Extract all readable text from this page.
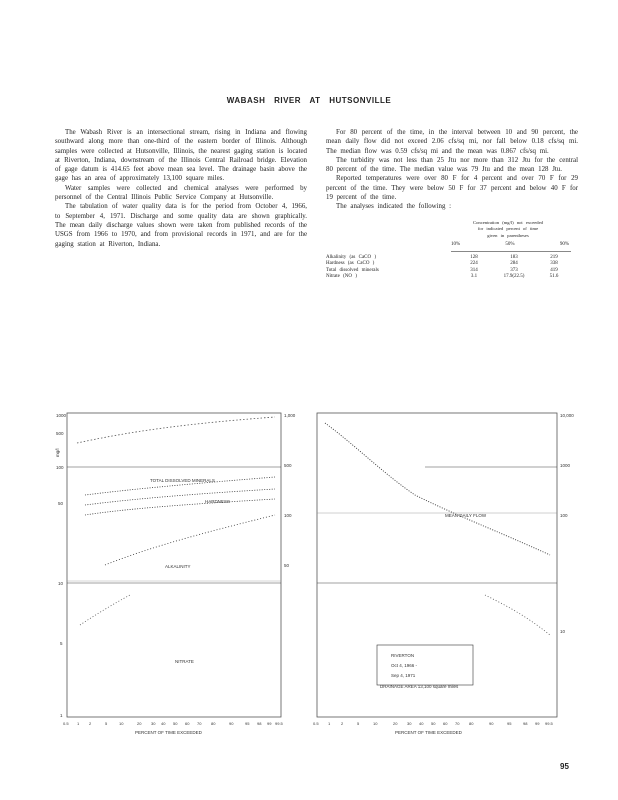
WABASH RIVER AT HUTSONVILLE

The Wabash River is an intersectional stream, rising in Indiana and flowing southward along more than one-third of the eastern border of Illinois. Although samples were collected at Hutsonville, Illinois, the nearest gaging station is located at Riverton, Indiana, downstream of the Illinois Central Railroad bridge. Elevation of gage datum is 414.65 feet above mean sea level. The drainage basin above the gage has an area of approximately 13,100 square miles.

Water samples were collected and chemical analyses were performed by personnel of the Central Illinois Public Service Company at Hutsonville.

The tabulation of water quality data is for the period from October 4, 1966, to September 4, 1971. Discharge and some quality data are shown graphically. The mean daily discharge values shown were taken from published records of the USGS from 1966 to 1970, and from provisional records in 1971, and are for the gaging station at Riverton, Indiana.

For 80 percent of the time, in the interval between 10 and 90 percent, the mean daily flow did not exceed 2.06 cfs/sq mi, nor fall below 0.18 cfs/sq mi. The median flow was 0.59 cfs/sq mi and the mean was 0.867 cfs/sq mi.

The turbidity was not less than 25 Jtu nor more than 312 Jtu for the central 80 percent of the time. The median value was 79 Jtu and the mean 128 Jtu.

Reported temperatures were over 80 F for 4 percent and over 70 F for 29 percent of the time. They were below 50 F for 37 percent and below 40 F for 19 percent of the time.

The analyses indicated the following :

Concentration (mg/l) not exceeded
for indicated percent of time
given in parentheses
10%	50%	90%
Alkalinity (as CaCO )	128	183	219
Hardness (as CaCO )	224	284	338
Total dissolved minerals	314	373	419
Nitrate (NO )	3.1	17.9(22.5)	51.6
TOTAL DISSOLVED MINERALS
HARDNESS
ALKALINITY
NITRATE
mg/l
1000
500
100
50
10
5
1
1,000
500
100
50
MEAN DAILY FLOW
RIVERTON
Oct 4, 1966 -
Sep 4, 1971
DRAINAGE AREA 13,100 square miles
10,000
1000
100
10
0.5 1 2	5	10	20 30 40 50 60 70 80	90	95 98 99 99.5	0.5 1	2	5	10	20 30 40 50 60 70 80	90	95	98 99 99.5
PERCENT OF TIME EXCEEDED	PERCENT OF TIME EXCEEDED
95
